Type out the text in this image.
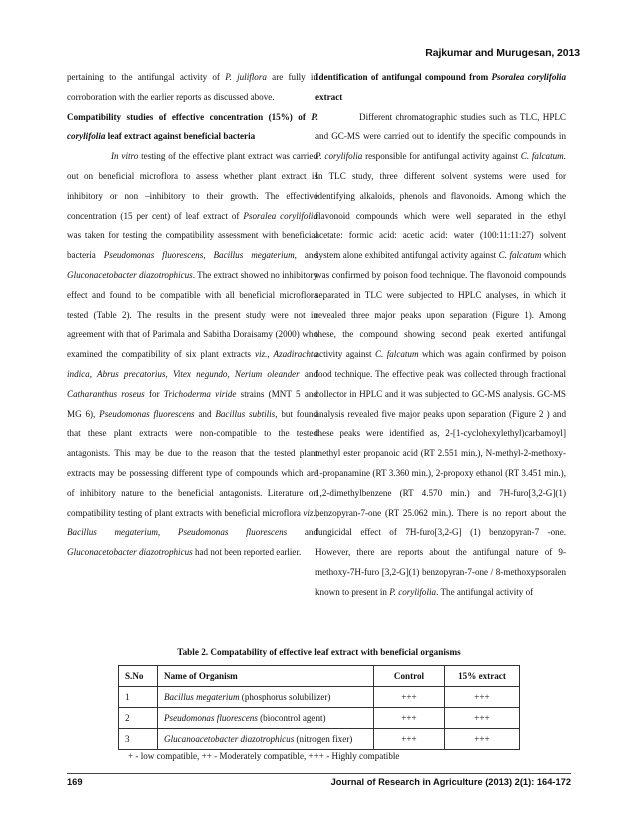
Rajkumar and Murugesan, 2013

pertaining to the antifungal activity of P. juliflora are fully in corroboration with the earlier reports as discussed above.

Compatibility studies of effective concentration (15%) of P. corylifolia leaf extract against beneficial bacteria

In vitro testing of the effective plant extract was carried out on beneficial microflora to assess whether plant extract is inhibitory or non –inhibitory to their growth. The effective concentration (15 per cent) of leaf extract of Psoralea corylifolia was taken for testing the compatibility assessment with beneficial bacteria Pseudomonas fluorescens, Bacillus megaterium, and Gluconacetobacter diazotrophicus. The extract showed no inhibitory effect and found to be compatible with all beneficial microflora tested (Table 2). The results in the present study were not in agreement with that of Parimala and Sabitha Doraisamy (2000) who examined the compatibility of six plant extracts viz., Azadirachta indica, Abrus precatorius, Vitex negundo, Nerium oleander and Catharanthus roseus for Trichoderma viride strains (MNT 5 and MG 6), Pseudomonas fluorescens and Bacillus subtilis, but found that these plant extracts were non-compatible to the tested antagonists. This may be due to the reason that the tested plant extracts may be possessing different type of compounds which are of inhibitory nature to the beneficial antagonists. Literature on compatibility testing of plant extracts with beneficial microflora viz., Bacillus megaterium, Pseudomonas fluorescens and Gluconacetobacter diazotrophicus had not been reported earlier.

Identification of antifungal compound from Psoralea corylifolia extract

Different chromatographic studies such as TLC, HPLC and GC-MS were carried out to identify the specific compounds in P. corylifolia responsible for antifungal activity against C. falcatum. In TLC study, three different solvent systems were used for identifying alkaloids, phenols and flavonoids. Among which the flavonoid compounds which were well separated in the ethyl acetate: formic acid: acetic acid: water (100:11:11:27) solvent system alone exhibited antifungal activity against C. falcatum which was confirmed by poison food technique. The flavonoid compounds separated in TLC were subjected to HPLC analyses, in which it revealed three major peaks upon separation (Figure 1). Among these, the compound showing second peak exerted antifungal activity against C. falcatum which was again confirmed by poison food technique. The effective peak was collected through fractional collector in HPLC and it was subjected to GC-MS analysis. GC-MS analysis revealed five major peaks upon separation (Figure 2 ) and these peaks were identified as, 2-[1-cyclohexylethyl)carbamoyl] methyl ester propanoic acid (RT 2.551 min.), N-methyl-2-methoxy-1-propanamine (RT 3.360 min.), 2-propoxy ethanol (RT 3.451 min.), 1,2-dimethylbenzene (RT 4.570 min.) and 7H-furo[3,2-G](1) benzopyran-7-one (RT 25.062 min.). There is no report about the fungicidal effect of 7H-furo[3,2-G] (1) benzopyran-7 -one. However, there are reports about the antifungal nature of 9-methoxy-7H-furo [3,2-G](1) benzopyran-7-one / 8-methoxypsoralen known to present in P. corylifolia. The antifungal activity of

Table 2. Compatability of effective leaf extract with beneficial organisms
S.No	Name of Organism	Control	15% extract
1	Bacillus megaterium (phosphorus solubilizer)	+++	+++
2	Pseudomonas fluorescens (biocontrol agent)	+++	+++
3	Glucanoacetobacter diazotrophicus (nitrogen fixer)	+++	+++
+ - low compatible, ++ - Moderately compatible, +++ - Highly compatible
169	Journal of Research in Agriculture (2013) 2(1): 164-172
